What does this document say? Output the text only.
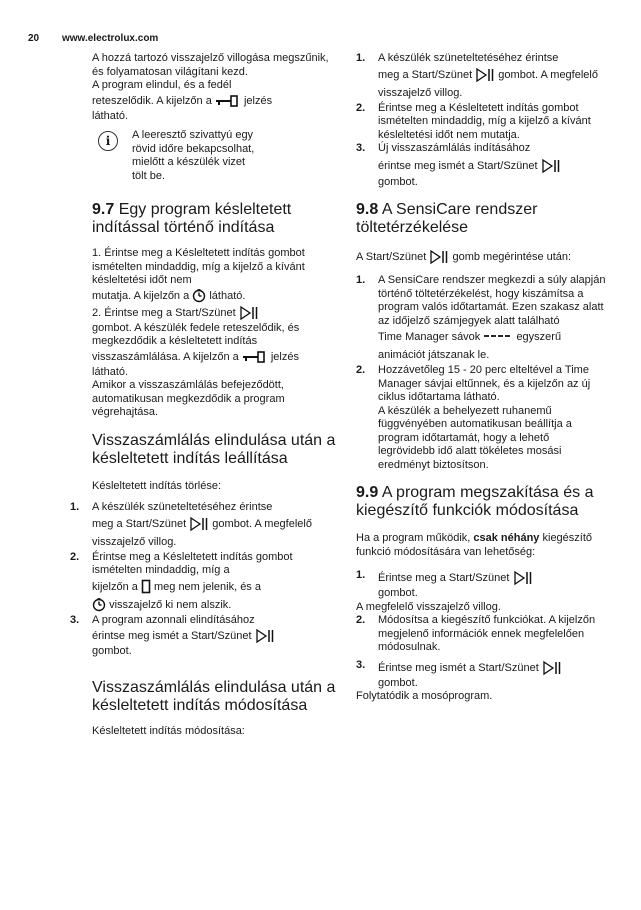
20 www.electrolux.com

A hozzá tartozó visszajelző villogása megszűnik, és folyamatosan világítani kezd.

A program elindul, és a fedél

reteszelődik. A kijelzőn a	jelzés

látható.

i	A leeresztő szivattyú egy rövid időre bekapcsolhat, mielőtt a készülék vizet tölt be.
9.7 Egy program késleltetett indítással történő indítása

1. Érintse meg a Késleltetett indítás gombot ismételten mindaddig, míg a kijelző a kívánt késleltetési időt nem

mutatja. A kijelzőn a látható.

2. Érintse meg a Start/Szünet

gombot. A készülék fedele reteszelődik, és megkezdődik a késleltetett indítás

visszaszámlálása. A kijelzőn a	jelzés

látható.

Amikor a visszaszámlálás befejeződött, automatikusan megkezdődik a program végrehajtása.

Visszaszámlálás elindulása után a késleltetett indítás leállítása

Késleltetett indítás törlése:

1. A készülék szüneteltetéséhez érintse
meg a Start/Szünet gombot. A megfelelő visszajelző villog.
2. Érintse meg a Késleltetett indítás gombot ismételten mindaddig, míg a
kijelzőn a meg nem jelenik, és a
visszajelző ki nem alszik.
3. A program azonnali elindításához
érintse meg ismét a Start/Szünet
gombot.
Visszaszámlálás elindulása után a késleltetett indítás módosítása

Késleltetett indítás módosítása:

1. A készülék szüneteltetéséhez érintse
meg a Start/Szünet gombot. A megfelelő visszajelző villog.
2. Érintse meg a Késleltetett indítás gombot ismételten mindaddig, míg a kijelző a kívánt késleltetési időt nem mutatja.
3. Új visszaszámlálás indításához
érintse meg ismét a Start/Szünet
gombot.
9.8 A SensiCare rendszer töltetérzékelése

A Start/Szünet gomb megérintése után:

1. A SensiCare rendszer megkezdi a súly alapján történő töltetérzékelést, hogy kiszámítsa a program valós időtartamát. Ezen szakasz alatt az időjelző számjegyek alatt található
Time Manager sávok	egyszerű animációt játszanak le.
2. Hozzávetőleg 15 - 20 perc elteltével a Time Manager sávjai eltűnnek, és a kijelzőn az új ciklus időtartama látható.
A készülék a behelyezett ruhanemű függvényében automatikusan beállítja a program időtartamát, hogy a lehető legrövidebb idő alatt tökéletes mosási eredményt biztosítson.
9.9 A program megszakítása és a kiegészítő funkciók módosítása

Ha a program működik, csak néhány kiegészítő funkció módosítására van lehetőség:

1. Érintse meg a Start/Szünet
gombot.

A megfelelő visszajelző villog.

2. Módosítsa a kiegészítő funkciókat. A kijelzőn megjelenő információk ennek megfelelően módosulnak.
3. Érintse meg ismét a Start/Szünet
gombot.

Folytatódik a mosóprogram.
